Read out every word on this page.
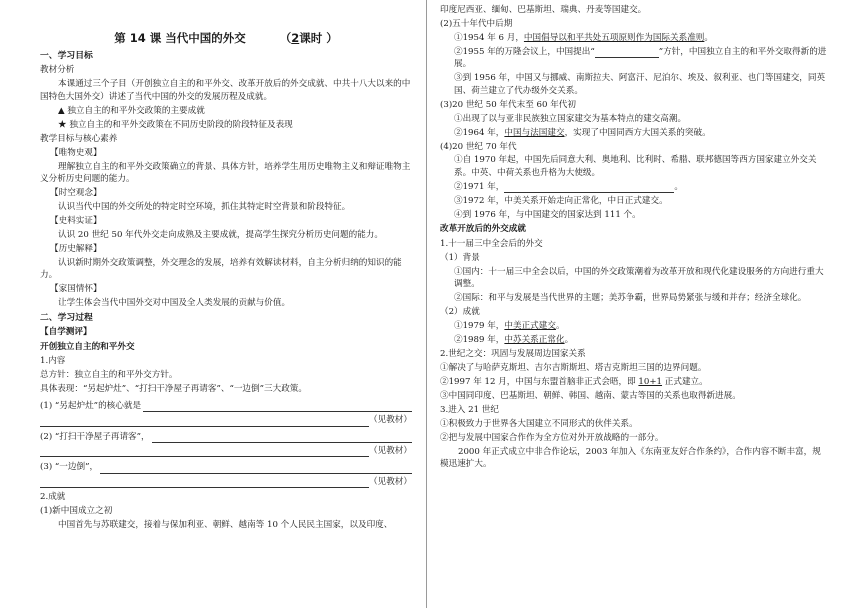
第 14 课 当代中国的外交	（2课时 ）
一、学习目标

教材分析

本课通过三个子目（开创独立自主的和平外交、改革开放后的外交成就、中共十八大以来的中国特色大国外交）讲述了当代中国的外交的发展历程及成就。

▲ 独立自主的和平外交政策的主要成就

★ 独立自主的和平外交政策在不同历史阶段的阶段特征及表现

教学目标与核心素养

【唯物史观】

理解独立自主的和平外交政策确立的背景、具体方针，培养学生用历史唯物主义和辩证唯物主义分析历史问题的能力。

【时空观念】

认识当代中国的外交所处的特定时空环境，抓住其特定时空背景和阶段特征。

【史料实证】

认识 20 世纪 50 年代外交走向成熟及主要成就，提高学生探究分析历史问题的能力。

【历史解释】

认识新时期外交政策调整，外交理念的发展，培养有效解读材料，自主分析归纳的知识的能力。

【家国情怀】

让学生体会当代中国外交对中国及全人类发展的贡献与价值。

二、学习过程
【自学测评】
开创独立自主的和平外交

1.内容

总方针：独立自主的和平外交方针。

具体表现：“另起炉灶”、“打扫干净屋子再请客”、“一边倒”三大政策。

(1) “另起炉灶”的核心就是
（见教材）
(2) “打扫干净屋子再请客”，
（见教材）
(3) “一边倒”，
（见教材）

2.成就

(1)新中国成立之初

中国首先与苏联建交，接着与保加利亚、朝鲜、越南等 10 个人民民主国家，以及印度、

印度尼西亚、缅甸、巴基斯坦、瑞典、丹麦等国建交。

(2)五十年代中后期

①1954 年 6 月，中国倡导以和平共处五项原则作为国际关系准则。

②1955 年的万隆会议上，中国提出“	”方针，中国独立自主的和平外交取得新的进展。

③到 1956 年，中国又与挪威、南斯拉夫、阿富汗、尼泊尔、埃及、叙利亚、也门等国建交，同英国、荷兰建立了代办级外交关系。

(3)20 世纪 50 年代末至 60 年代初

①出现了以与亚非民族独立国家建交为基本特点的建交高潮。

②1964 年，中国与法国建交，实现了中国同西方大国关系的突破。

(4)20 世纪 70 年代

①自 1970 年起，中国先后同意大利、奥地利、比利时、希腊、联邦德国等西方国家建立外交关系。中英、中荷关系也升格为大使级。

②1971 年，	。

③1972 年，中美关系开始走向正常化，中日正式建交。

④到 1976 年，与中国建交的国家达到 111 个。

改革开放后的外交成就

1.十一届三中全会后的外交

（1）背景

①国内：十一届三中全会以后，中国的外交政策潮着为改革开放和现代化建设服务的方向进行重大调整。

②国际：和平与发展是当代世界的主题；美苏争霸，世界局势紧张与缓和并存；经济全球化。

（2）成就

①1979 年，中美正式建交。

②1989 年，中苏关系正常化。

2.世纪之交：巩固与发展周边国家关系

①解决了与哈萨克斯坦、吉尔吉斯斯坦、塔吉克斯坦三国的边界问题。

②1997 年 12 月，中国与东盟首脑非正式会晤，即 10+1 正式建立。

③中国同印度、巴基斯坦、朝鲜、韩国、越南、蒙古等国的关系也取得新进展。

3.进入 21 世纪

①积极致力于世界各大国建立不同形式的伙伴关系。

②把与发展中国家合作作为全方位对外开放战略的一部分。

2000 年正式成立中非合作论坛，2003 年加入《东南亚友好合作条约》，合作内容不断丰富，规模迅速扩大。
